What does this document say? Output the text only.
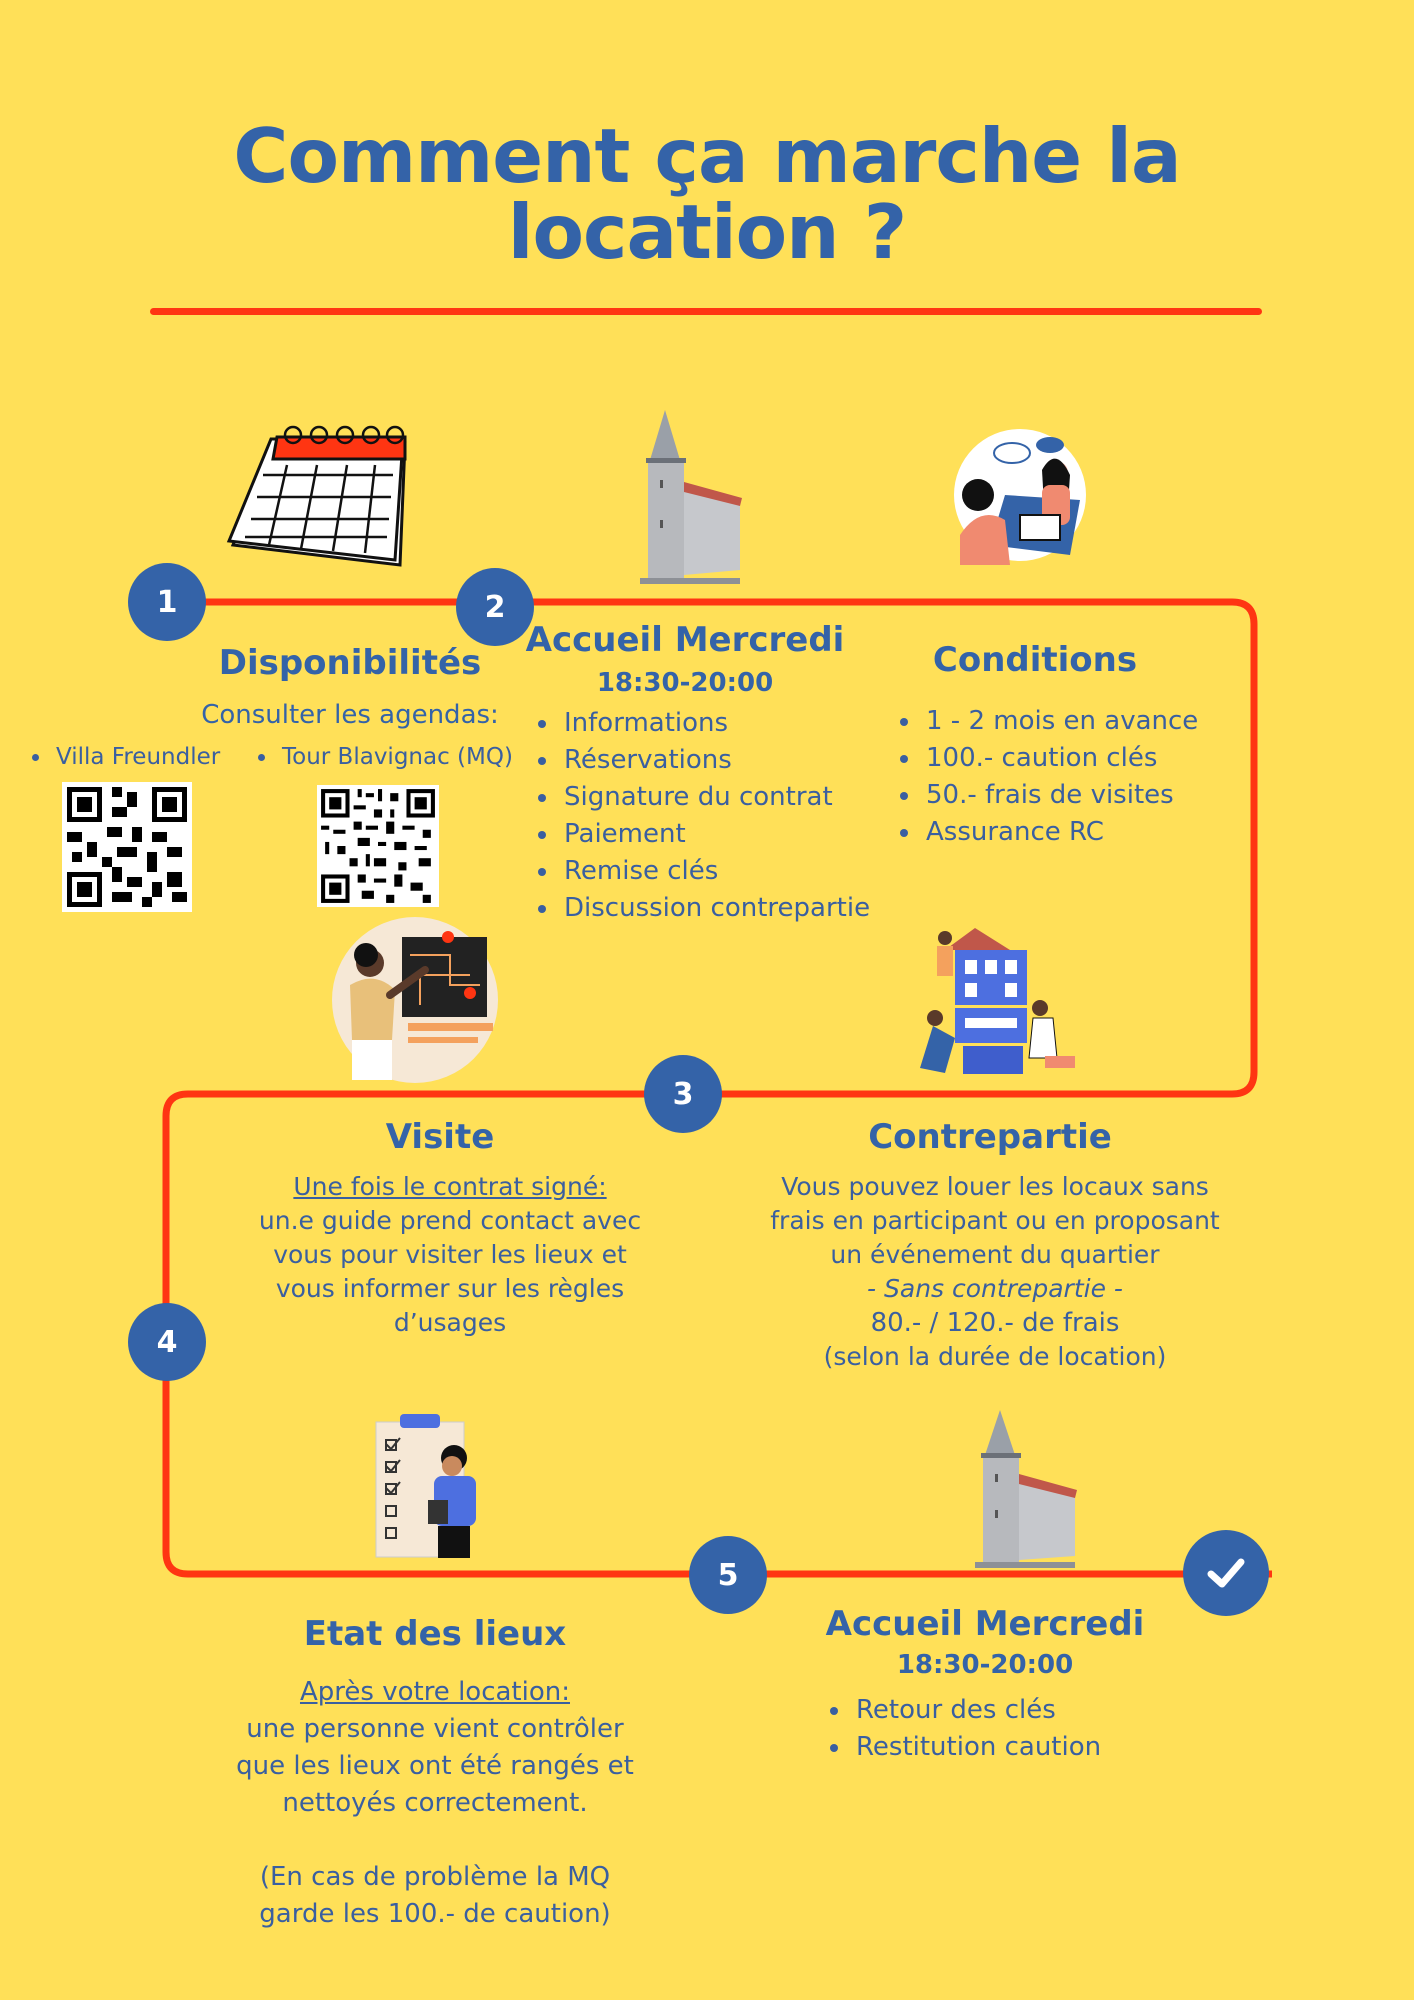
Comment ça marche la
location ?
1	2
3
4
5
Disponibilités
Consulter les agendas:
• Villa Freundler
•	Tour Blavignac (MQ)
Accueil Mercredi
18:30-20:00
• Informations
• Réservations
• Signature du contrat
• Paiement
• Remise clés
• Discussion contrepartie
Conditions
• 1 - 2 mois en avance
• 100.- caution clés
• 50.- frais de visites
• Assurance RC
Visite
Une fois le contrat signé:
un.e guide prend contact avec
vous pour visiter les lieux et
vous informer sur les règles
d’usages
Contrepartie
Vous pouvez louer les locaux sans
frais en participant ou en proposant
un événement du quartier
- Sans contrepartie -
80.- / 120.- de frais
(selon la durée de location)
Etat des lieux
Après votre location:
une personne vient contrôler
que les lieux ont été rangés et
nettoyés correctement.
(En cas de problème la MQ
garde les 100.- de caution)
Accueil Mercredi
18:30-20:00
• Retour des clés
• Restitution caution
